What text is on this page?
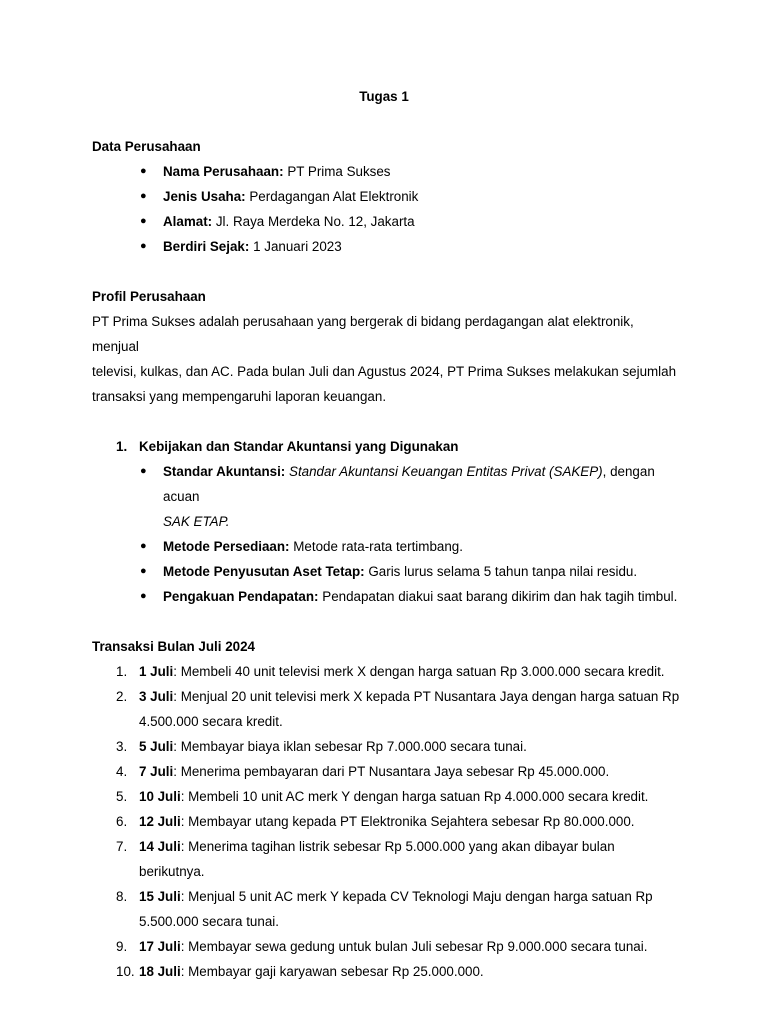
Tugas 1

Data Perusahaan

● Nama Perusahaan: PT Prima Sukses
● Jenis Usaha: Perdagangan Alat Elektronik
● Alamat: Jl. Raya Merdeka No. 12, Jakarta
● Berdiri Sejak: 1 Januari 2023

Profil Perusahaan

PT Prima Sukses adalah perusahaan yang bergerak di bidang perdagangan alat elektronik, menjual

televisi, kulkas, dan AC. Pada bulan Juli dan Agustus 2024, PT Prima Sukses melakukan sejumlah

transaksi yang mempengaruhi laporan keuangan.

1. Kebijakan dan Standar Akuntansi yang Digunakan
● Standar Akuntansi: Standar Akuntansi Keuangan Entitas Privat (SAKEP), dengan acuan
SAK ETAP.
● Metode Persediaan: Metode rata-rata tertimbang.
● Metode Penyusutan Aset Tetap: Garis lurus selama 5 tahun tanpa nilai residu.
● Pengakuan Pendapatan: Pendapatan diakui saat barang dikirim dan hak tagih timbul.

Transaksi Bulan Juli 2024

1. 1 Juli: Membeli 40 unit televisi merk X dengan harga satuan Rp 3.000.000 secara kredit.
2. 3 Juli: Menjual 20 unit televisi merk X kepada PT Nusantara Jaya dengan harga satuan Rp
4.500.000 secara kredit.
3. 5 Juli: Membayar biaya iklan sebesar Rp 7.000.000 secara tunai.
4. 7 Juli: Menerima pembayaran dari PT Nusantara Jaya sebesar Rp 45.000.000.
5. 10 Juli: Membeli 10 unit AC merk Y dengan harga satuan Rp 4.000.000 secara kredit.
6. 12 Juli: Membayar utang kepada PT Elektronika Sejahtera sebesar Rp 80.000.000.
7. 14 Juli: Menerima tagihan listrik sebesar Rp 5.000.000 yang akan dibayar bulan berikutnya.
8. 15 Juli: Menjual 5 unit AC merk Y kepada CV Teknologi Maju dengan harga satuan Rp
5.500.000 secara tunai.
9. 17 Juli: Membayar sewa gedung untuk bulan Juli sebesar Rp 9.000.000 secara tunai.
10. 18 Juli: Membayar gaji karyawan sebesar Rp 25.000.000.
